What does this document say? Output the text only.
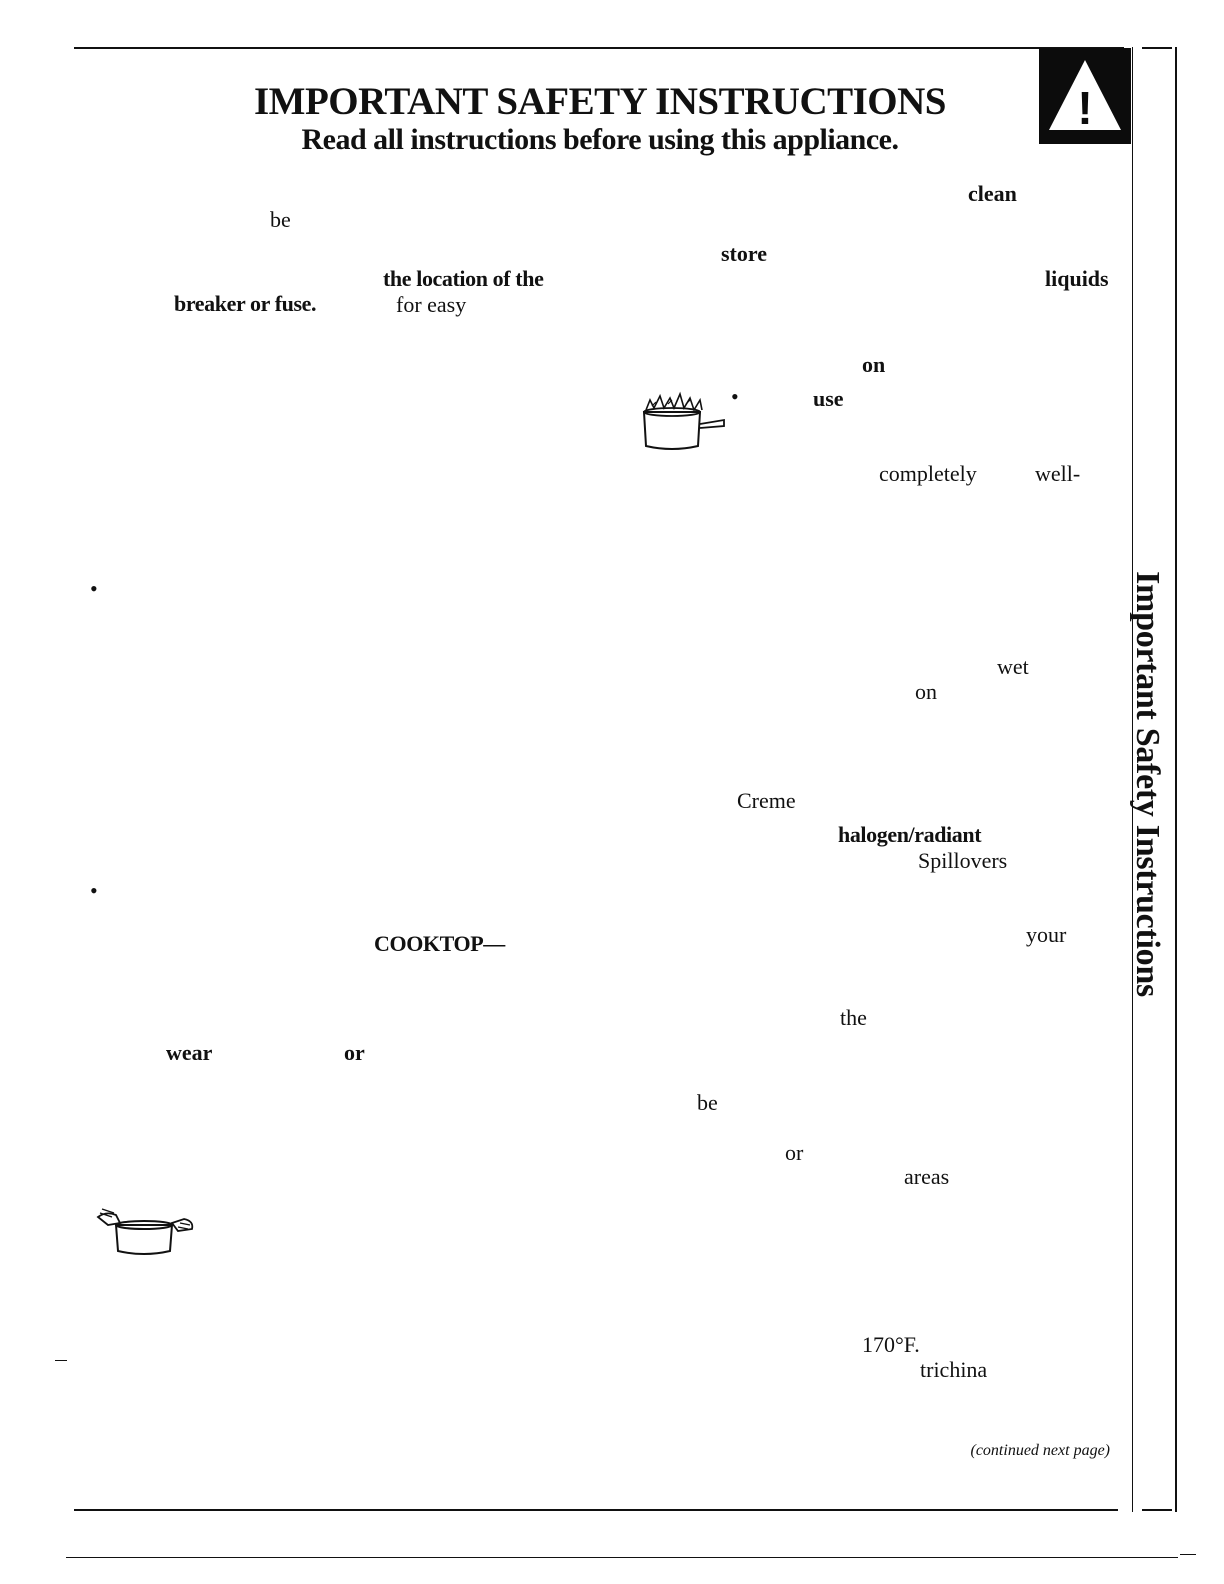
IMPORTANT SAFETY INSTRUCTIONS
Read all instructions before using this appliance.
!
Important Safety Instructions
be
the location of the
breaker or fuse.	for easy
•
•
COOKTOP—
wear	or
clean
store
liquids
on
•	use
completely	well-
wet
on
Creme
halogen/radiant
Spillovers
your
the
be
or
areas
170°F.
trichina
(continued next page)
